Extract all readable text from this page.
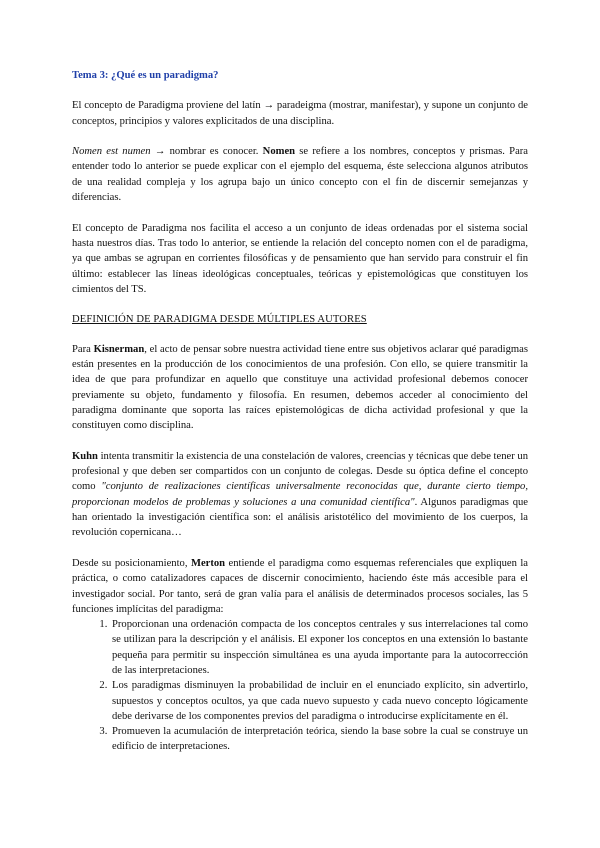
Tema 3: ¿Qué es un paradigma?

El concepto de Paradigma proviene del latín → paradeigma (mostrar, manifestar), y supone un conjunto de conceptos, principios y valores explicitados de una disciplina.

Nomen est numen → nombrar es conocer. Nomen se refiere a los nombres, conceptos y prismas. Para entender todo lo anterior se puede explicar con el ejemplo del esquema, éste selecciona algunos atributos de una realidad compleja y los agrupa bajo un único concepto con el fin de discernir semejanzas y diferencias.

El concepto de Paradigma nos facilita el acceso a un conjunto de ideas ordenadas por el sistema social hasta nuestros días. Tras todo lo anterior, se entiende la relación del concepto nomen con el de paradigma, ya que ambas se agrupan en corrientes filosóficas y de pensamiento que han servido para construir el fin último: establecer las líneas ideológicas conceptuales, teóricas y epistemológicas que constituyen los cimientos del TS.

DEFINICIÓN DE PARADIGMA DESDE MÚLTIPLES AUTORES

Para Kisnerman, el acto de pensar sobre nuestra actividad tiene entre sus objetivos aclarar qué paradigmas están presentes en la producción de los conocimientos de una profesión. Con ello, se quiere transmitir la idea de que para profundizar en aquello que constituye una actividad profesional debemos conocer previamente su objeto, fundamento y filosofía. En resumen, debemos acceder al conocimiento del paradigma dominante que soporta las raíces epistemológicas de dicha actividad profesional y que la constituyen como disciplina.

Kuhn intenta transmitir la existencia de una constelación de valores, creencias y técnicas que debe tener un profesional y que deben ser compartidos con un conjunto de colegas. Desde su óptica define el concepto como "conjunto de realizaciones científicas universalmente reconocidas que, durante cierto tiempo, proporcionan modelos de problemas y soluciones a una comunidad científica". Algunos paradigmas que han orientado la investigación científica son: el análisis aristotélico del movimiento de los cuerpos, la revolución copernicana…

Desde su posicionamiento, Merton entiende el paradigma como esquemas referenciales que expliquen la práctica, o como catalizadores capaces de discernir conocimiento, haciendo éste más accesible para el investigador social. Por tanto, será de gran valía para el análisis de determinados procesos sociales, las 5 funciones implícitas del paradigma:

1. Proporcionan una ordenación compacta de los conceptos centrales y sus interrelaciones tal como se utilizan para la descripción y el análisis. El exponer los conceptos en una extensión lo bastante pequeña para permitir su inspección simultánea es una ayuda importante para la autocorrección de las interpretaciones.
2. Los paradigmas disminuyen la probabilidad de incluir en el enunciado explícito, sin advertirlo, supuestos y conceptos ocultos, ya que cada nuevo supuesto y cada nuevo concepto lógicamente debe derivarse de los componentes previos del paradigma o introducirse explícitamente en él.
3. Promueven la acumulación de interpretación teórica, siendo la base sobre la cual se construye un edificio de interpretaciones.
